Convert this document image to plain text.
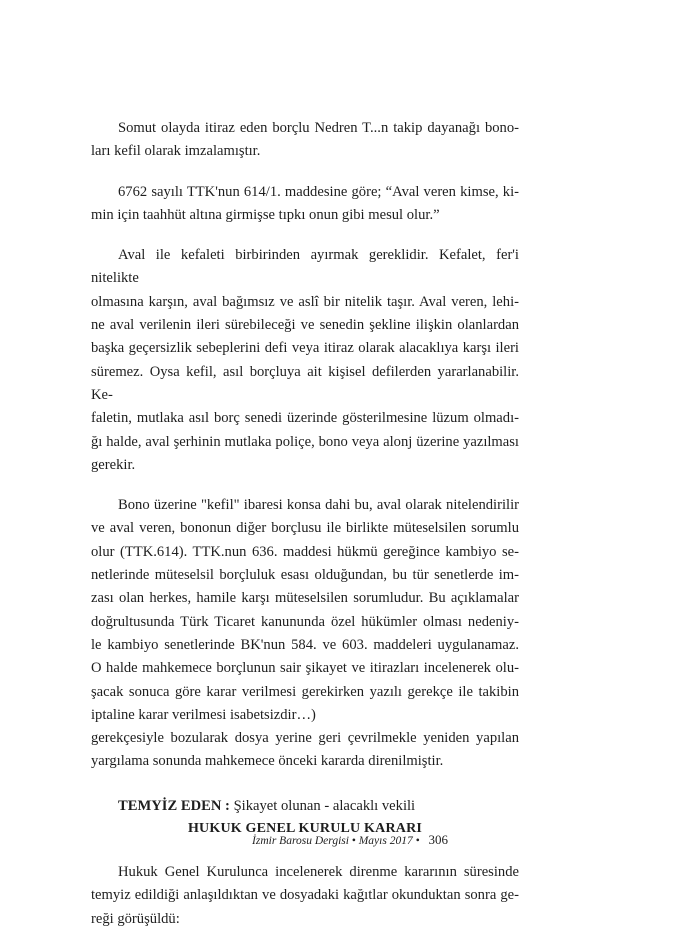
Somut olayda itiraz eden borçlu Nedren T...n takip dayanağı bono-
ları kefil olarak imzalamıştır.

6762 sayılı TTK'nun 614/1. maddesine göre; “Aval veren kimse, ki-
min için taahhüt altına girmişse tıpkı onun gibi mesul olur.”

Aval ile kefaleti birbirinden ayırmak gereklidir. Kefalet, fer'i nitelikte
olmasına karşın, aval bağımsız ve aslî bir nitelik taşır. Aval veren, lehi-
ne aval verilenin ileri sürebileceği ve senedin şekline ilişkin olanlardan
başka geçersizlik sebeplerini defi veya itiraz olarak alacaklıya karşı ileri
süremez. Oysa kefil, asıl borçluya ait kişisel defilerden yararlanabilir. Ke-
faletin, mutlaka asıl borç senedi üzerinde gösterilmesine lüzum olmadı-
ğı halde, aval şerhinin mutlaka poliçe, bono veya alonj üzerine yazılması
gerekir.

Bono üzerine "kefil" ibaresi konsa dahi bu, aval olarak nitelendirilir
ve aval veren, bononun diğer borçlusu ile birlikte müteselsilen sorumlu
olur (TTK.614). TTK.nun 636. maddesi hükmü gereğince kambiyo se-
netlerinde müteselsil borçluluk esası olduğundan, bu tür senetlerde im-
zası olan herkes, hamile karşı müteselsilen sorumludur. Bu açıklamalar
doğrultusunda Türk Ticaret kanununda özel hükümler olması nedeniy-
le kambiyo senetlerinde BK'nun 584. ve 603. maddeleri uygulanamaz.
O halde mahkemece borçlunun sair şikayet ve itirazları incelenerek olu-
şacak sonuca göre karar verilmesi gerekirken yazılı gerekçe ile takibin
iptaline karar verilmesi isabetsizdir…)
gerekçesiyle bozularak dosya yerine geri çevrilmekle yeniden yapılan
yargılama sonunda mahkemece önceki kararda direnilmiştir.

TEMYİZ EDEN : Şikayet olunan - alacaklı vekili

HUKUK GENEL KURULU KARARI

Hukuk Genel Kurulunca incelenerek direnme kararının süresinde
temyiz edildiği anlaşıldıktan ve dosyadaki kağıtlar okunduktan sonra ge-
reği görüşüldü:

İzmir Barosu Dergisi • Mayıs 2017 • 306
